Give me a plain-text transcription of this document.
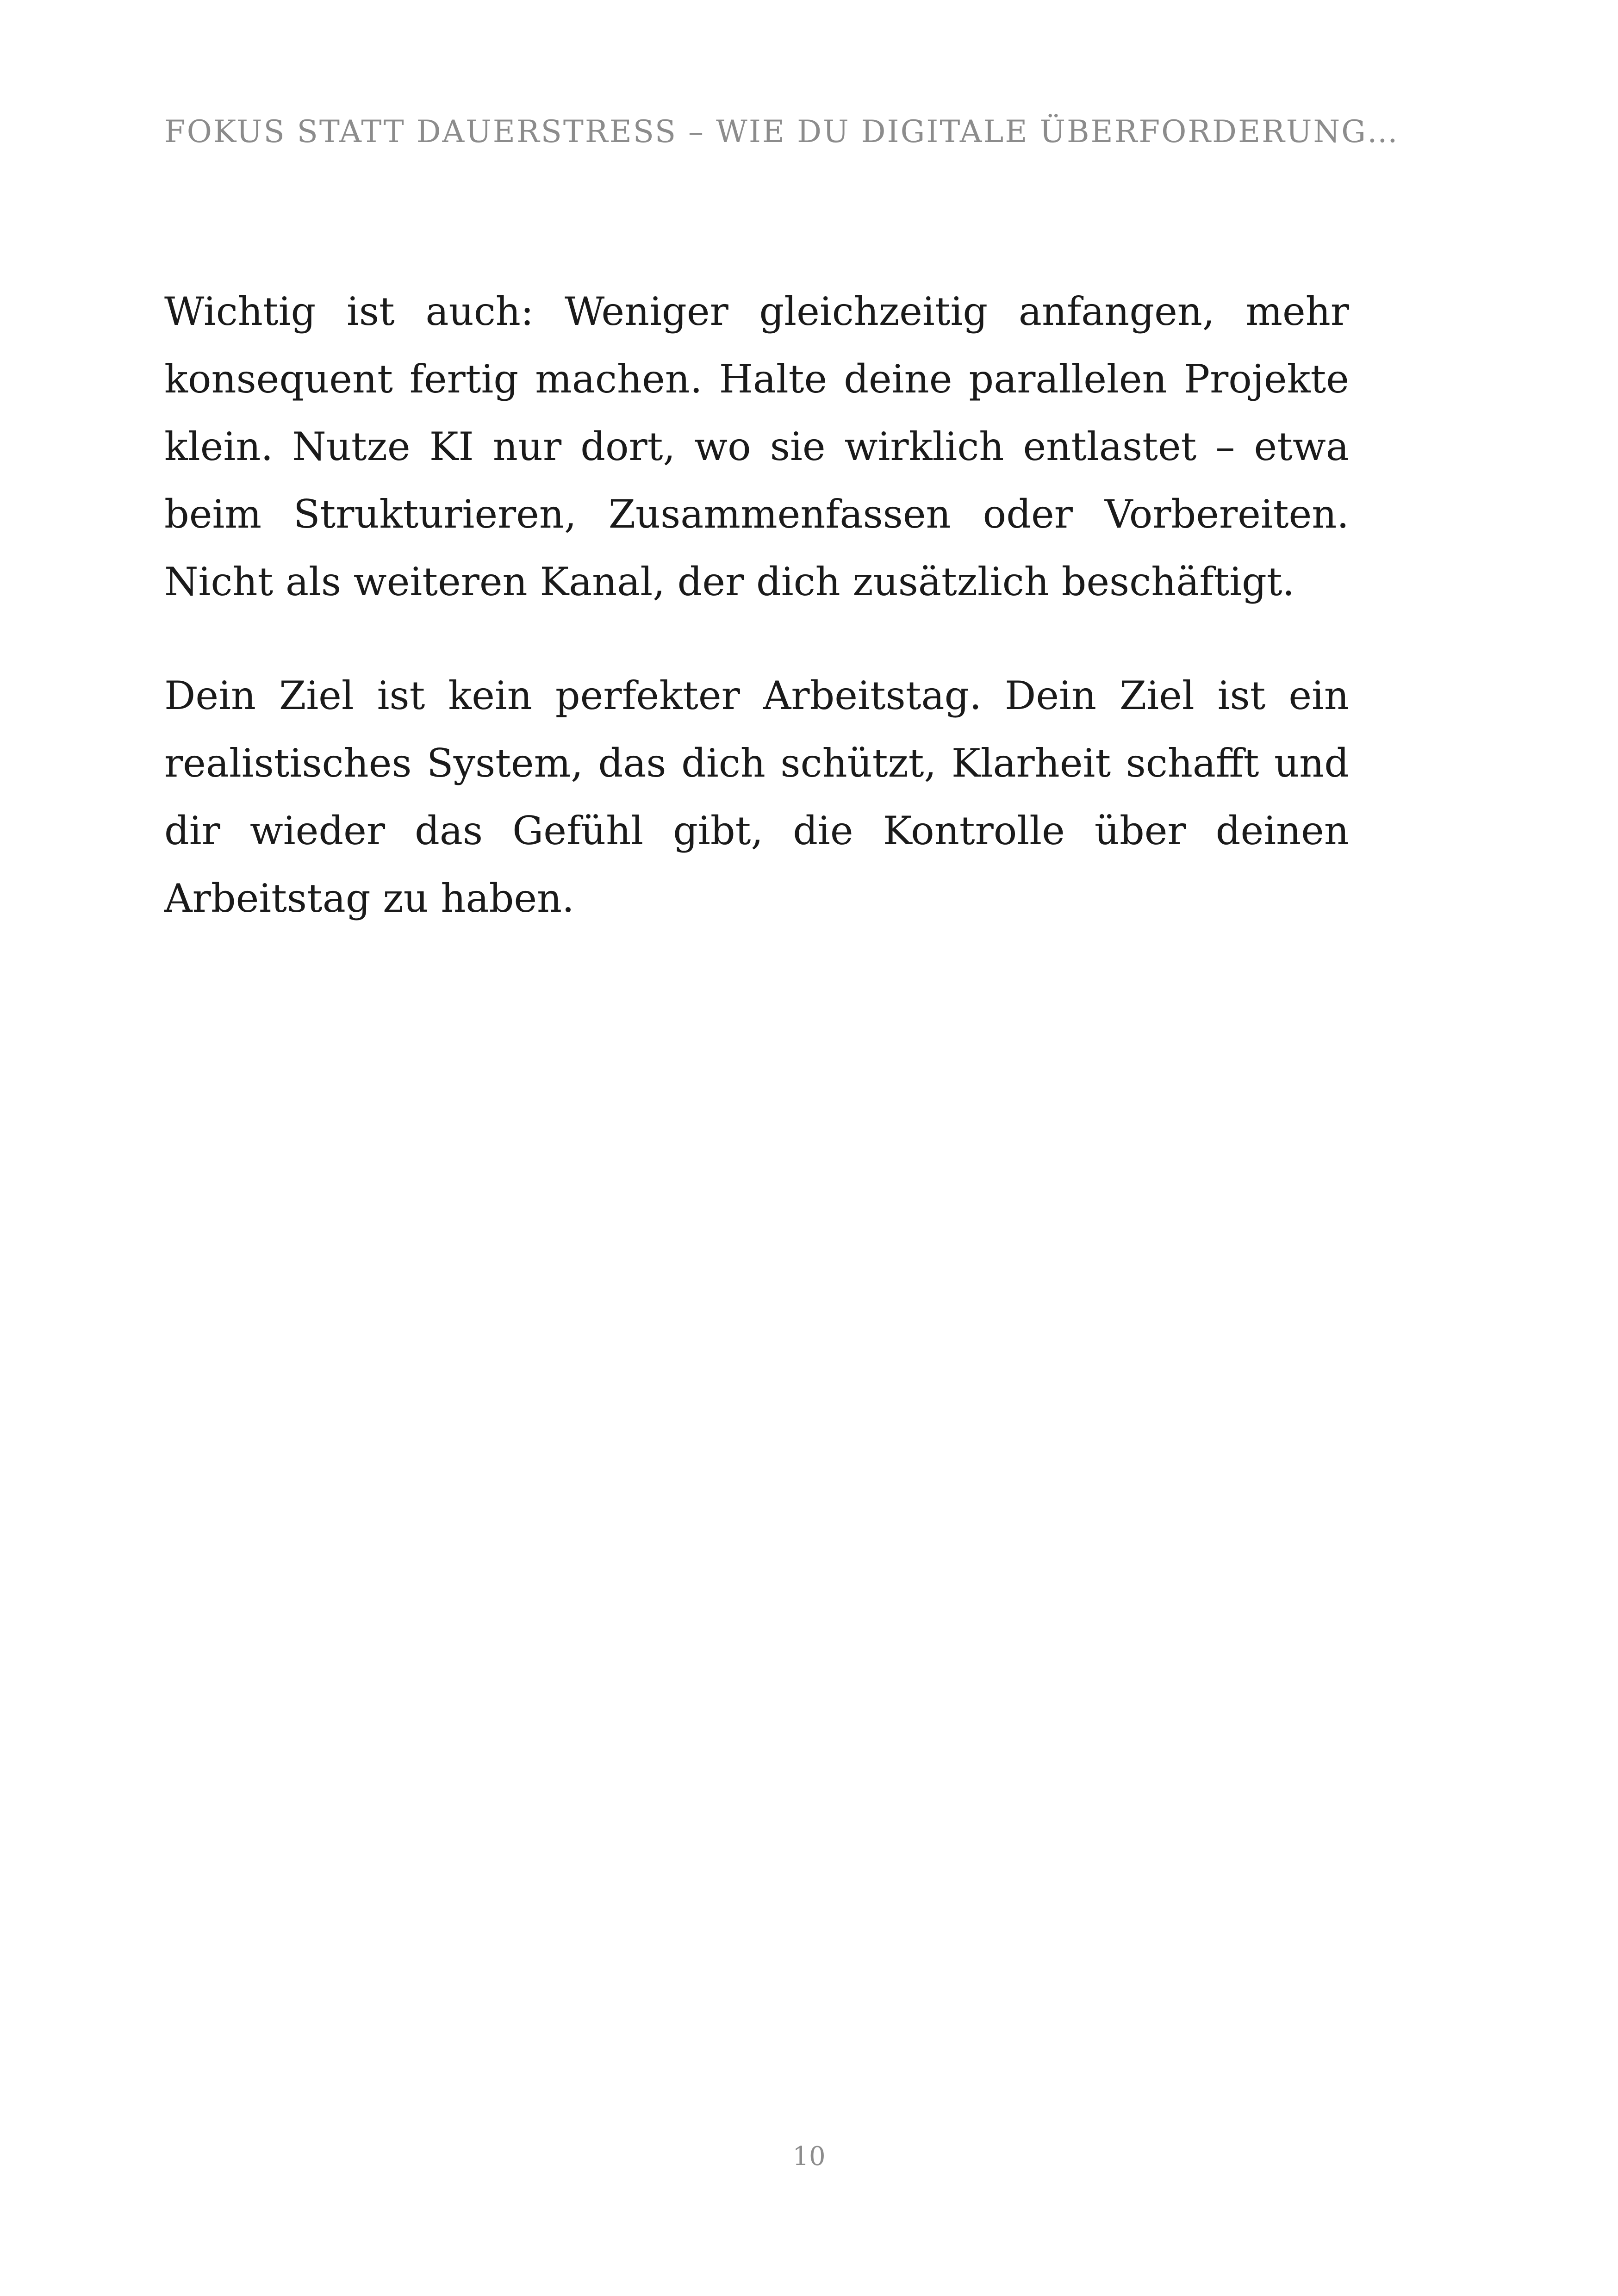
FOKUS STATT DAUERSTRESS – WIE DU DIGITALE ÜBERFORDERUNG…

Wichtig ist auch: Weniger gleichzeitig anfangen, mehr konsequent fertig machen. Halte deine parallelen Projekte klein. Nutze KI nur dort, wo sie wirklich entlastet – etwa beim Strukturieren, Zusammenfassen oder Vorbereiten. Nicht als weiteren Kanal, der dich zusätzlich beschäftigt.

Dein Ziel ist kein perfekter Arbeitstag. Dein Ziel ist ein realistisches System, das dich schützt, Klarheit schafft und dir wieder das Gefühl gibt, die Kontrolle über deinen Arbeitstag zu haben.

10
